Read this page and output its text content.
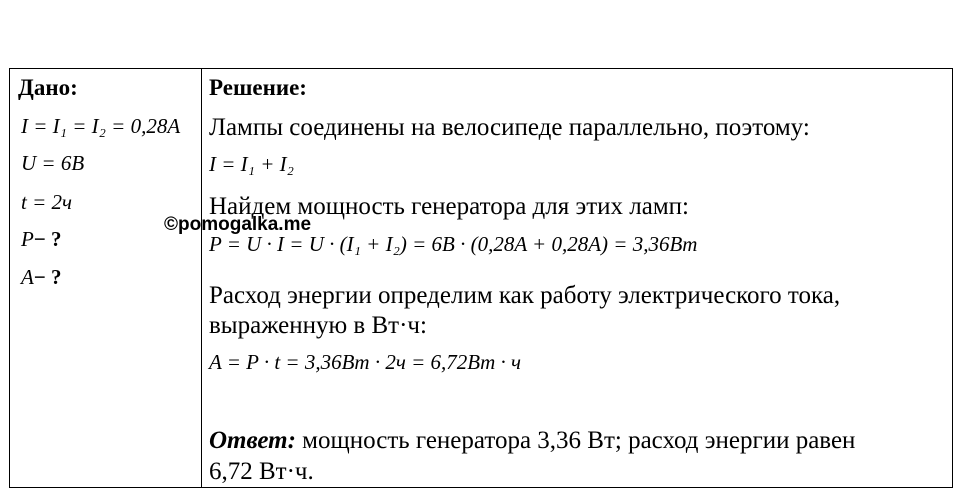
Дано:
I = I₁ = I₂ = 0,28A
U = 6B
t = 2ч
P− ?
A− ?
Решение:
Лампы соединены на велосипеде параллельно, поэтому:
I = I₁ + I₂
Найдем мощность генератора для этих ламп:
P = U · I = U · (I₁ + I₂) = 6B · (0,28A + 0,28A) = 3,36Bm
Расход энергии определим как работу электрического тока,
выраженную в Вт·ч:
A = P · t = 3,36Bm · 2ч = 6,72Bm · ч
Ответ: мощность генератора 3,36 Вт; расход энергии равен
6,72 Вт·ч.
©pomogalka.me
